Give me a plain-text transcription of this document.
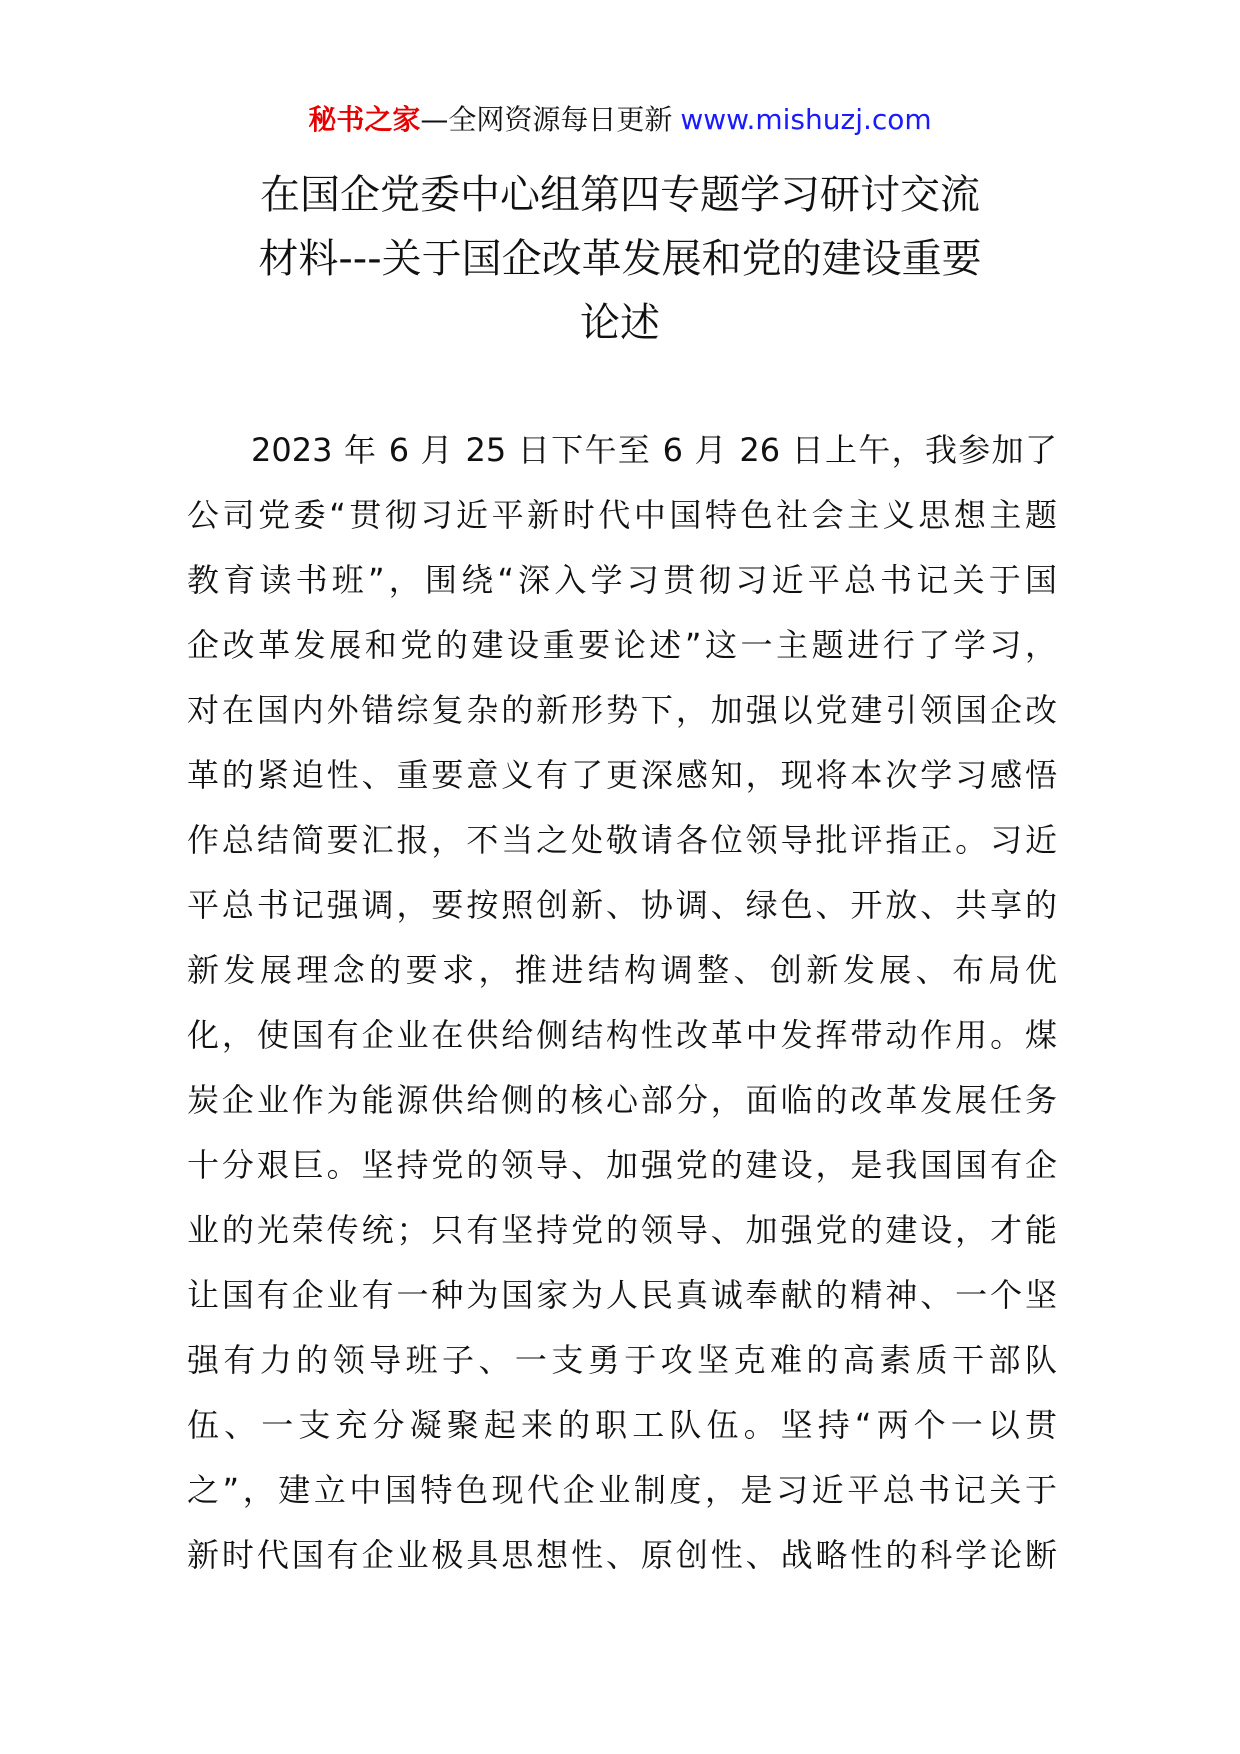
秘书之家—全网资源每日更新 www.mishuzj.com
在国企党委中心组第四专题学习研讨交流
材料---关于国企改革发展和党的建设重要
论述
2023 年 6 月 25 日下午至 6 月 26 日上午，我参加了
公司党委“贯彻习近平新时代中国特色社会主义思想主题
教育读书班”，围绕“深入学习贯彻习近平总书记关于国
企改革发展和党的建设重要论述”这一主题进行了学习，
对在国内外错综复杂的新形势下，加强以党建引领国企改
革的紧迫性、重要意义有了更深感知，现将本次学习感悟
作总结简要汇报，不当之处敬请各位领导批评指正。习近
平总书记强调，要按照创新、协调、绿色、开放、共享的
新发展理念的要求，推进结构调整、创新发展、布局优
化，使国有企业在供给侧结构性改革中发挥带动作用。煤
炭企业作为能源供给侧的核心部分，面临的改革发展任务
十分艰巨。坚持党的领导、加强党的建设，是我国国有企
业的光荣传统；只有坚持党的领导、加强党的建设，才能
让国有企业有一种为国家为人民真诚奉献的精神、一个坚
强有力的领导班子、一支勇于攻坚克难的高素质干部队
伍、一支充分凝聚起来的职工队伍。坚持“两个一以贯
之”，建立中国特色现代企业制度，是习近平总书记关于
新时代国有企业极具思想性、原创性、战略性的科学论断
